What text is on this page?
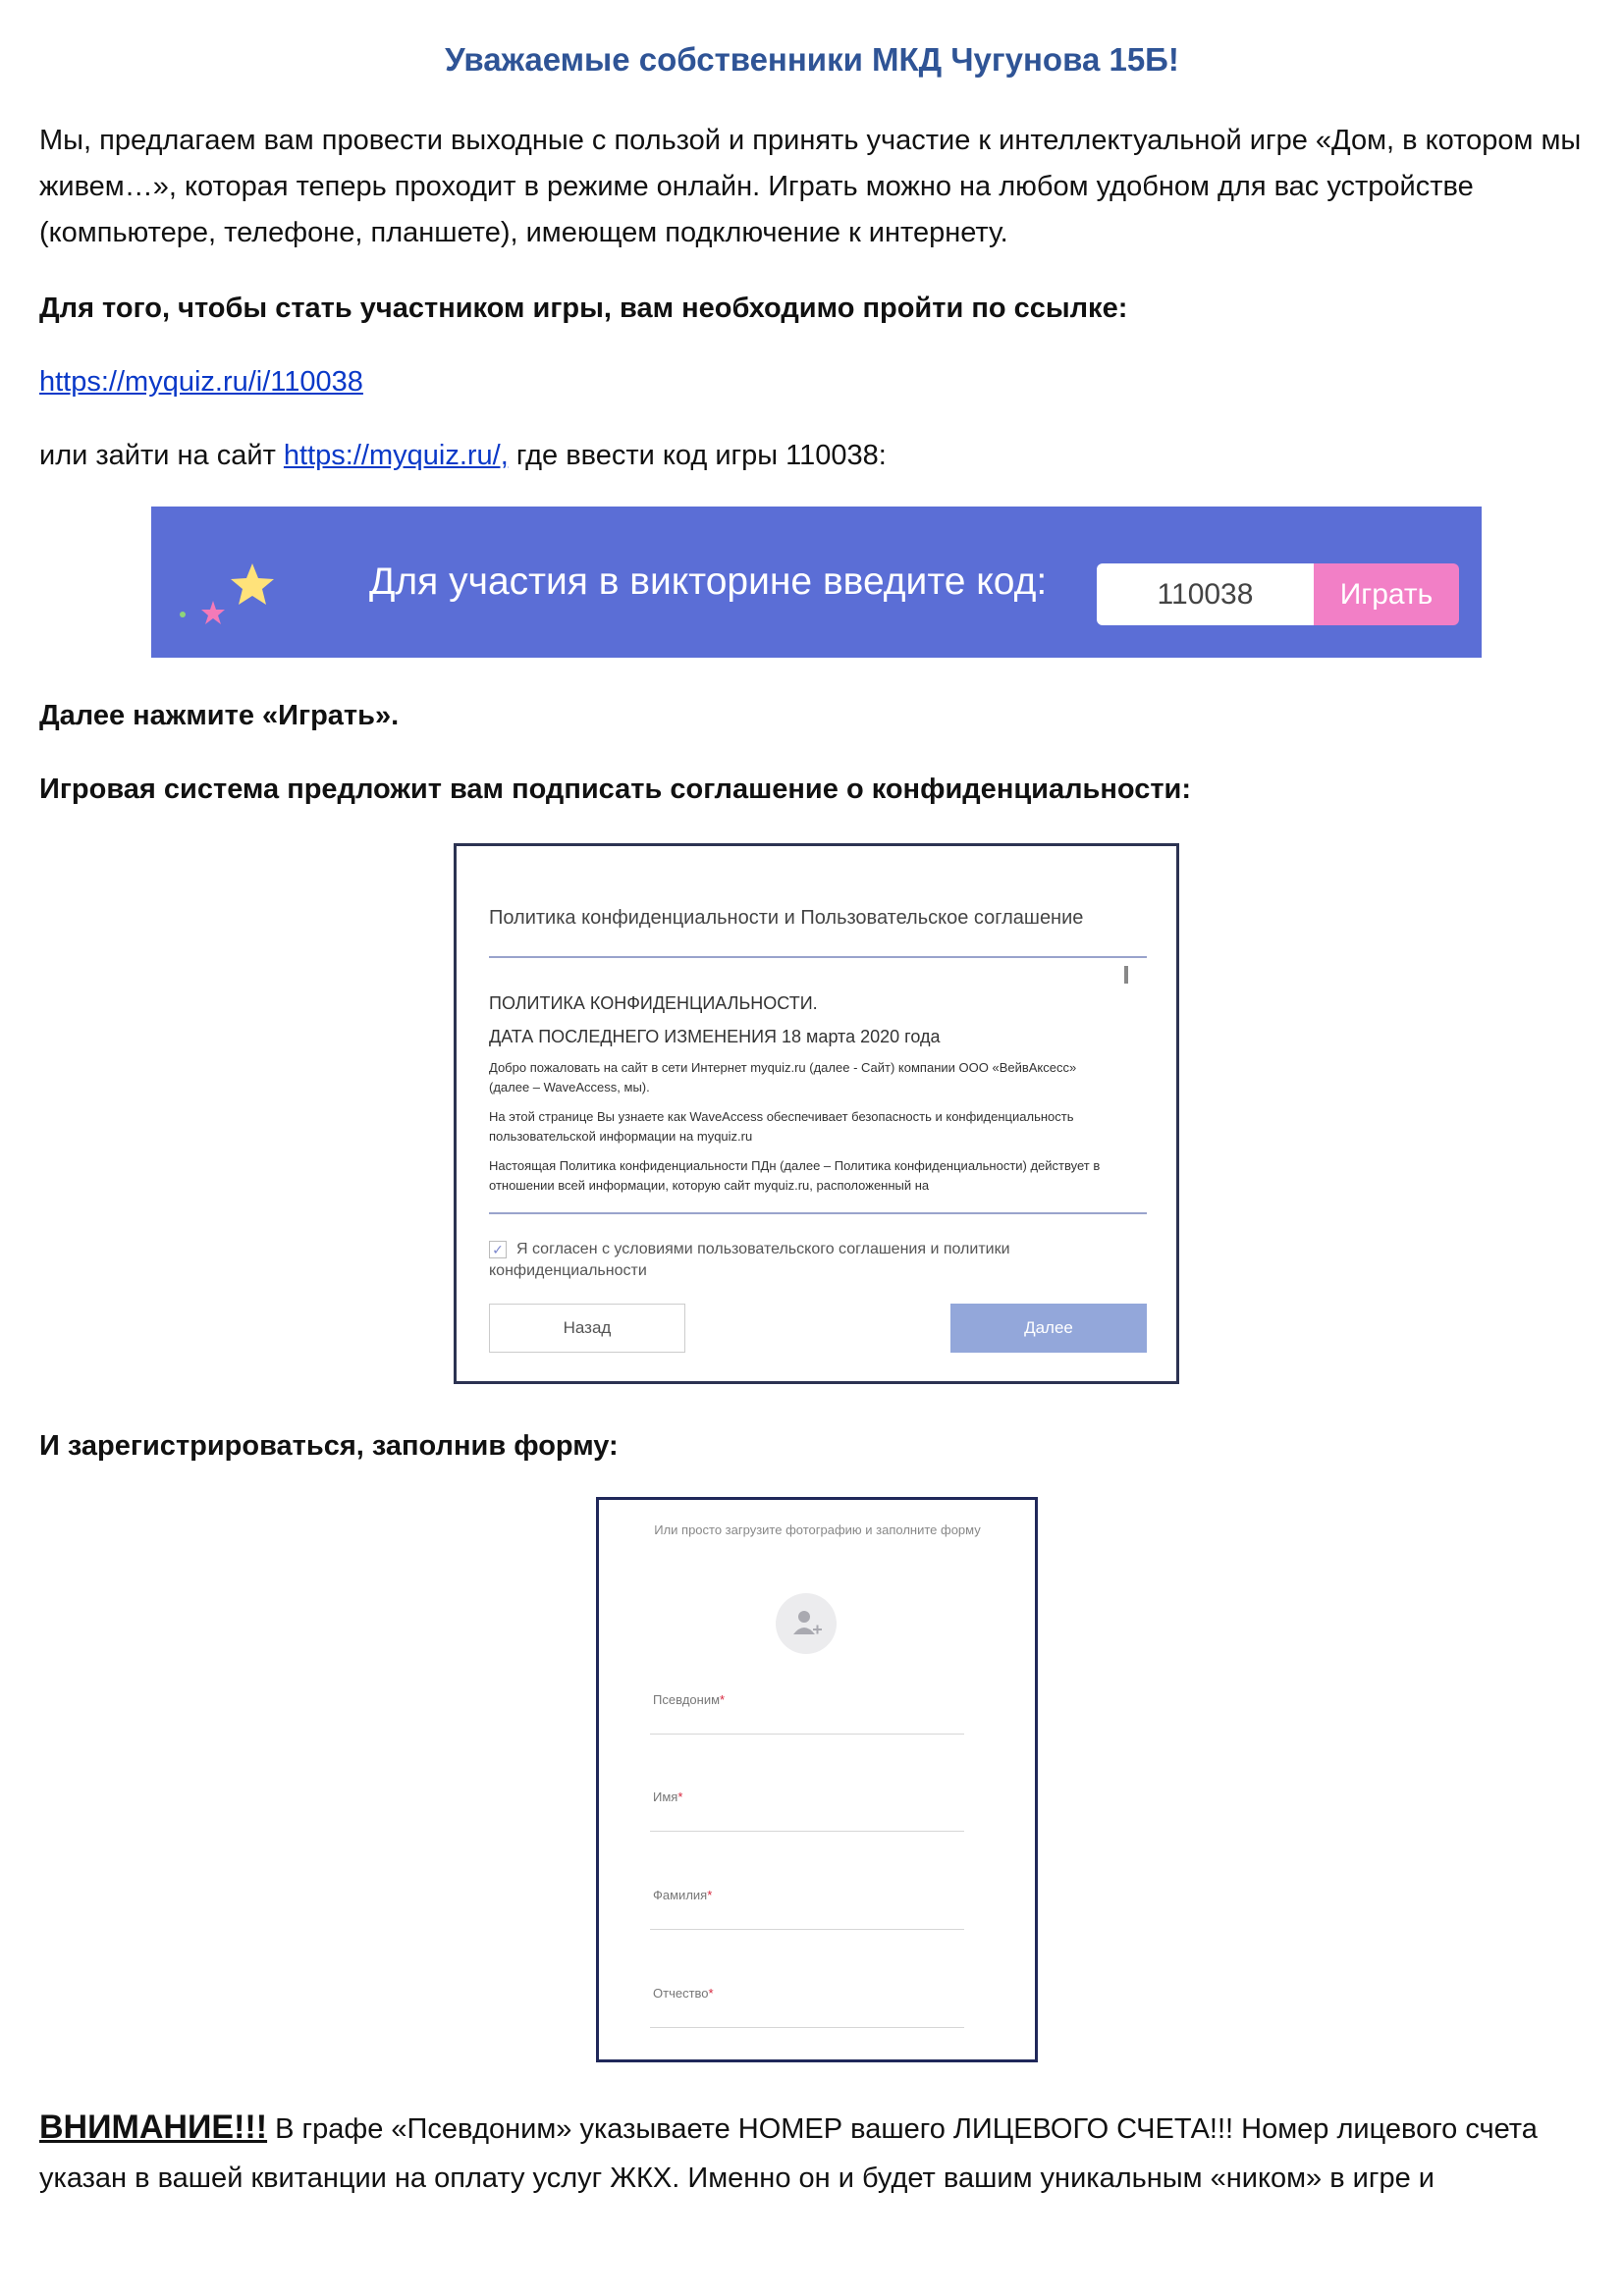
Уважаемые собственники МКД Чугунова 15Б!
Мы, предлагаем вам провести выходные с пользой и принять участие к интеллектуальной игре «Дом, в котором мы живем…», которая теперь проходит в режиме онлайн. Играть можно на любом удобном для вас устройстве (компьютере, телефоне, планшете), имеющем подключение к интернету.
Для того, чтобы стать участником игры, вам необходимо пройти по ссылке:
https://myquiz.ru/i/110038
или зайти на сайт https://myquiz.ru/, где ввести код игры 110038:
Для участия в викторине введите код:	110038	Играть
Далее нажмите «Играть».
Игровая система предложит вам подписать соглашение о конфиденциальности:
Политика конфиденциальности и Пользовательское соглашение
ПОЛИТИКА КОНФИДЕНЦИАЛЬНОСТИ.
ДАТА ПОСЛЕДНЕГО ИЗМЕНЕНИЯ 18 марта 2020 года
Добро пожаловать на сайт в сети Интернет myquiz.ru (далее - Сайт) компании ООО «ВейвАксесс» (далее – WaveAccess, мы).
На этой странице Вы узнаете как WaveAccess обеспечивает безопасность и конфиденциальность пользовательской информации на myquiz.ru
Настоящая Политика конфиденциальности ПДн (далее – Политика конфиденциальности) действует в отношении всей информации, которую сайт myquiz.ru, расположенный на
✓ Я согласен с условиями пользовательского соглашения и политики конфиденциальности
Назад	Далее
И зарегистрироваться, заполнив форму:
Или просто загрузите фотографию и заполните форму
Псевдоним*
Имя*
Фамилия*
Отчество*
ВНИМАНИЕ!!! В графе «Псевдоним» указываете НОМЕР вашего ЛИЦЕВОГО СЧЕТА!!! Номер лицевого счета указан в вашей квитанции на оплату услуг ЖКХ. Именно он и будет вашим уникальным «ником» в игре и
